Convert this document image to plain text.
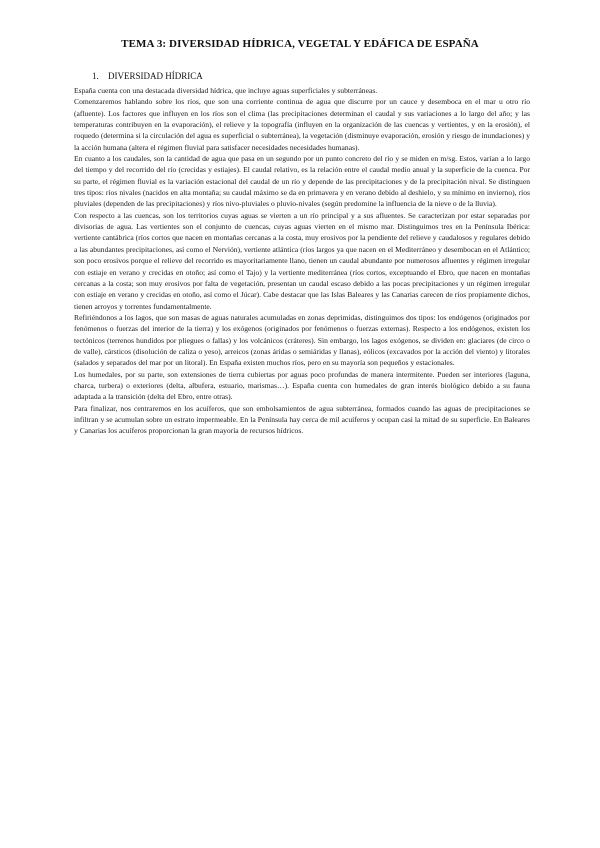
TEMA 3: DIVERSIDAD HÍDRICA, VEGETAL Y EDÁFICA DE ESPAÑA
1. DIVERSIDAD HÍDRICA

España cuenta con una destacada diversidad hídrica, que incluye aguas superficiales y subterráneas.

Comenzaremos hablando sobre los ríos, que son una corriente continua de agua que discurre por un cauce y desemboca en el mar u otro río (afluente). Los factores que influyen en los ríos son el clima (las precipitaciones determinan el caudal y sus variaciones a lo largo del año; y las temperaturas contribuyen en la evaporación), el relieve y la topografía (influyen en la organización de las cuencas y vertientes, y en la erosión), el roquedo (determina si la circulación del agua es superficial o subterránea), la vegetación (disminuye evaporación, erosión y riesgo de inundaciones) y la acción humana (altera el régimen fluvial para satisfacer necesidades necesidades humanas).

En cuanto a los caudales, son la cantidad de agua que pasa en un segundo por un punto concreto del río y se miden en m/sg. Estos, varían a lo largo del tiempo y del recorrido del río (crecidas y estiajes). El caudal relativo, es la relación entre el caudal medio anual y la superficie de la cuenca. Por su parte, el régimen fluvial es la variación estacional del caudal de un río y depende de las precipitaciones y de la precipitación nival. Se distinguen tres tipos: ríos nivales (nacidos en alta montaña; su caudal máximo se da en primavera y en verano debido al deshielo, y su mínimo en invierno), ríos pluviales (dependen de las precipitaciones) y ríos nivo-pluviales o pluvio-nivales (según predomine la influencia de la nieve o de la lluvia).

Con respecto a las cuencas, son los territorios cuyas aguas se vierten a un río principal y a sus afluentes. Se caracterizan por estar separadas por divisorias de agua. Las vertientes son el conjunto de cuencas, cuyas aguas vierten en el mismo mar. Distinguimos tres en la Península Ibérica: vertiente cantábrica (ríos cortos que nacen en montañas cercanas a la costa, muy erosivos por la pendiente del relieve y caudalosos y regulares debido a las abundantes precipitaciones, así como el Nervión), vertiente atlántica (ríos largos ya que nacen en el Mediterráneo y desembocan en el Atlántico; son poco erosivos porque el relieve del recorrido es mayoritariamente llano, tienen un caudal abundante por numerosos afluentes y régimen irregular con estiaje en verano y crecidas en otoño; así como el Tajo) y la vertiente mediterránea (ríos cortos, exceptuando el Ebro, que nacen en montañas cercanas a la costa; son muy erosivos por falta de vegetación, presentan un caudal escaso debido a las pocas precipitaciones y un régimen irregular con estiaje en verano y crecidas en otoño, así como el Júcar). Cabe destacar que las Islas Baleares y las Canarias carecen de ríos propiamente dichos, tienen arroyos y torrentes fundamentalmente.

Refiriéndonos a los lagos, que son masas de aguas naturales acumuladas en zonas deprimidas, distinguimos dos tipos: los endógenos (originados por fenómenos o fuerzas del interior de la tierra) y los exógenos (originados por fenómenos o fuerzas externas). Respecto a los endógenos, existen los tectónicos (terrenos hundidos por pliegues o fallas) y los volcánicos (cráteres). Sin embargo, los lagos exógenos, se dividen en: glaciares (de circo o de valle), cársticos (disolución de caliza o yeso), arreicos (zonas áridas o semiáridas y llanas), eólicos (excavados por la acción del viento) y litorales (salados y separados del mar por un litoral). En España existen muchos ríos, pero en su mayoría son pequeños y estacionales.

Los humedales, por su parte, son extensiones de tierra cubiertas por aguas poco profundas de manera intermitente. Pueden ser interiores (laguna, charca, turbera) o exteriores (delta, albufera, estuario, marismas…). España cuenta con humedales de gran interés biológico debido a su fauna adaptada a la transición (delta del Ebro, entre otras).

Para finalizar, nos centraremos en los acuíferos, que son embolsamientos de agua subterránea, formados cuando las aguas de precipitaciones se infiltran y se acumulan sobre un estrato impermeable. En la Península hay cerca de mil acuíferos y ocupan casi la mitad de su superficie. En Baleares y Canarias los acuíferos proporcionan la gran mayoría de recursos hídricos.
